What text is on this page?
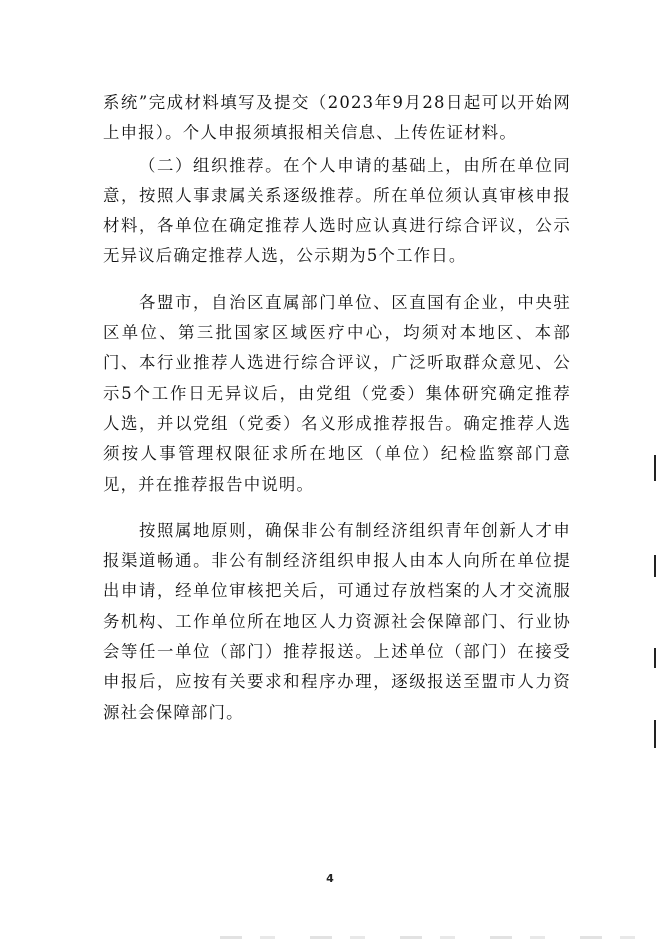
系统”完成材料填写及提交（2023年9月28日起可以开始网上申报）。个人申报须填报相关信息、上传佐证材料。

（二）组织推荐。在个人申请的基础上，由所在单位同意，按照人事隶属关系逐级推荐。所在单位须认真审核申报材料，各单位在确定推荐人选时应认真进行综合评议，公示无异议后确定推荐人选，公示期为5个工作日。

各盟市，自治区直属部门单位、区直国有企业，中央驻区单位、第三批国家区域医疗中心，均须对本地区、本部门、本行业推荐人选进行综合评议，广泛听取群众意见、公示5个工作日无异议后，由党组（党委）集体研究确定推荐人选，并以党组（党委）名义形成推荐报告。确定推荐人选须按人事管理权限征求所在地区（单位）纪检监察部门意见，并在推荐报告中说明。

按照属地原则，确保非公有制经济组织青年创新人才申报渠道畅通。非公有制经济组织申报人由本人向所在单位提出申请，经单位审核把关后，可通过存放档案的人才交流服务机构、工作单位所在地区人力资源社会保障部门、行业协会等任一单位（部门）推荐报送。上述单位（部门）在接受申报后，应按有关要求和程序办理，逐级报送至盟市人力资源社会保障部门。

4
